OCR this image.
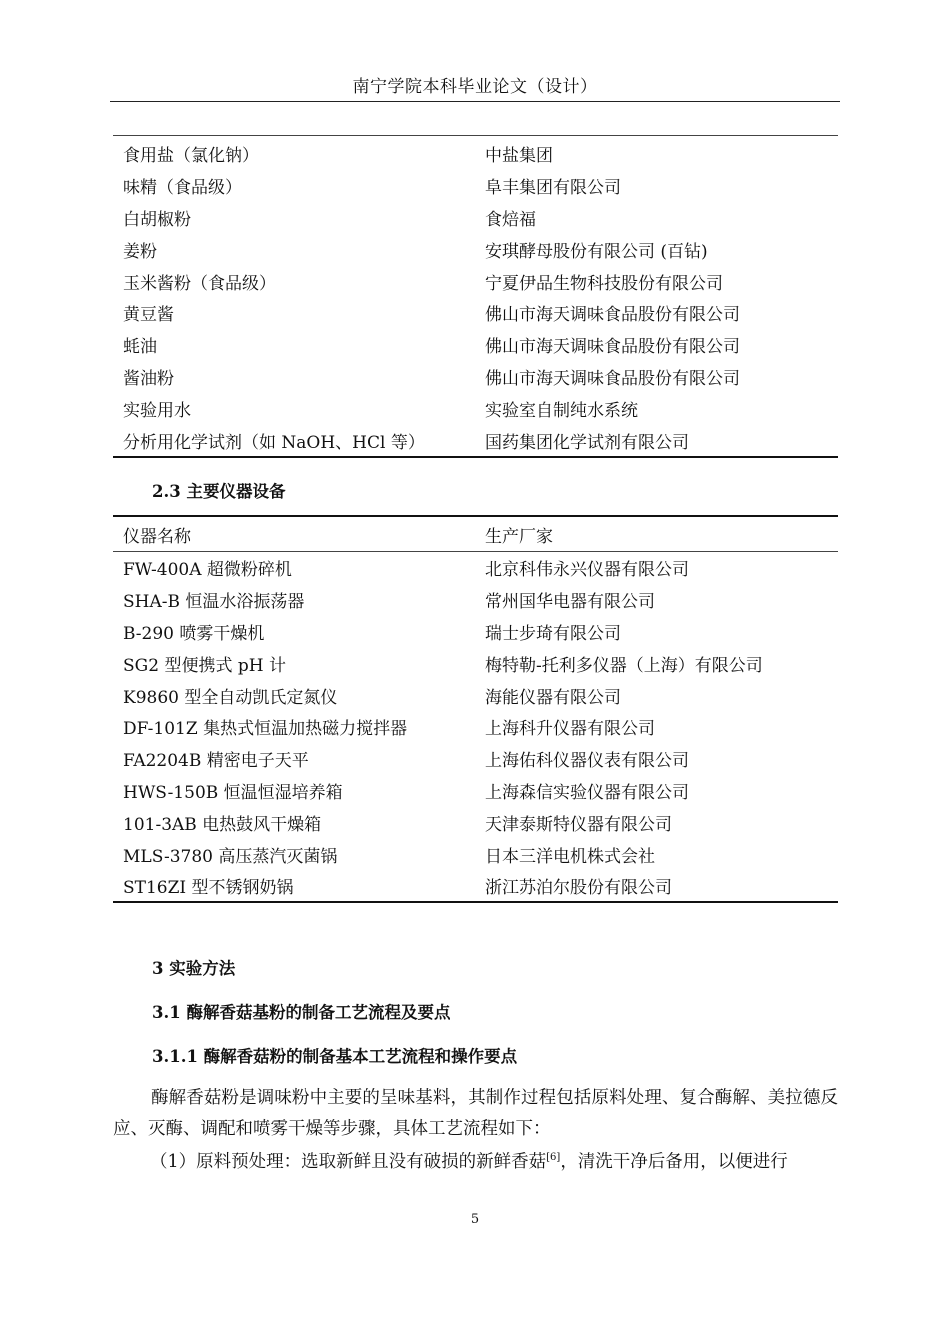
南宁学院本科毕业论文（设计）
食用盐（氯化钠）	中盐集团
味精（食品级）	阜丰集团有限公司
白胡椒粉	食焙福
姜粉	安琪酵母股份有限公司 (百钻)
玉米酱粉（食品级）	宁夏伊品生物科技股份有限公司
黄豆酱	佛山市海天调味食品股份有限公司
蚝油	佛山市海天调味食品股份有限公司
酱油粉	佛山市海天调味食品股份有限公司
实验用水	实验室自制纯水系统
分析用化学试剂（如 NaOH、HCl 等）	国药集团化学试剂有限公司
2.3 主要仪器设备
仪器名称	生产厂家
FW-400A 超微粉碎机	北京科伟永兴仪器有限公司
SHA-B 恒温水浴振荡器	常州国华电器有限公司
B-290 喷雾干燥机	瑞士步琦有限公司
SG2 型便携式 pH 计	梅特勒-托利多仪器（上海）有限公司
K9860 型全自动凯氏定氮仪	海能仪器有限公司
DF-101Z 集热式恒温加热磁力搅拌器	上海科升仪器有限公司
FA2204B 精密电子天平	上海佑科仪器仪表有限公司
HWS-150B 恒温恒湿培养箱	上海森信实验仪器有限公司
101-3AB 电热鼓风干燥箱	天津泰斯特仪器有限公司
MLS-3780 高压蒸汽灭菌锅	日本三洋电机株式会社
ST16ZI 型不锈钢奶锅	浙江苏泊尔股份有限公司
3 实验方法
3.1 酶解香菇基粉的制备工艺流程及要点
3.1.1 酶解香菇粉的制备基本工艺流程和操作要点
酶解香菇粉是调味粉中主要的呈味基料，其制作过程包括原料处理、复合酶解、美拉德反应、灭酶、调配和喷雾干燥等步骤，具体工艺流程如下：
（1）原料预处理：选取新鲜且没有破损的新鲜香菇[6]，清洗干净后备用，以便进行
5
